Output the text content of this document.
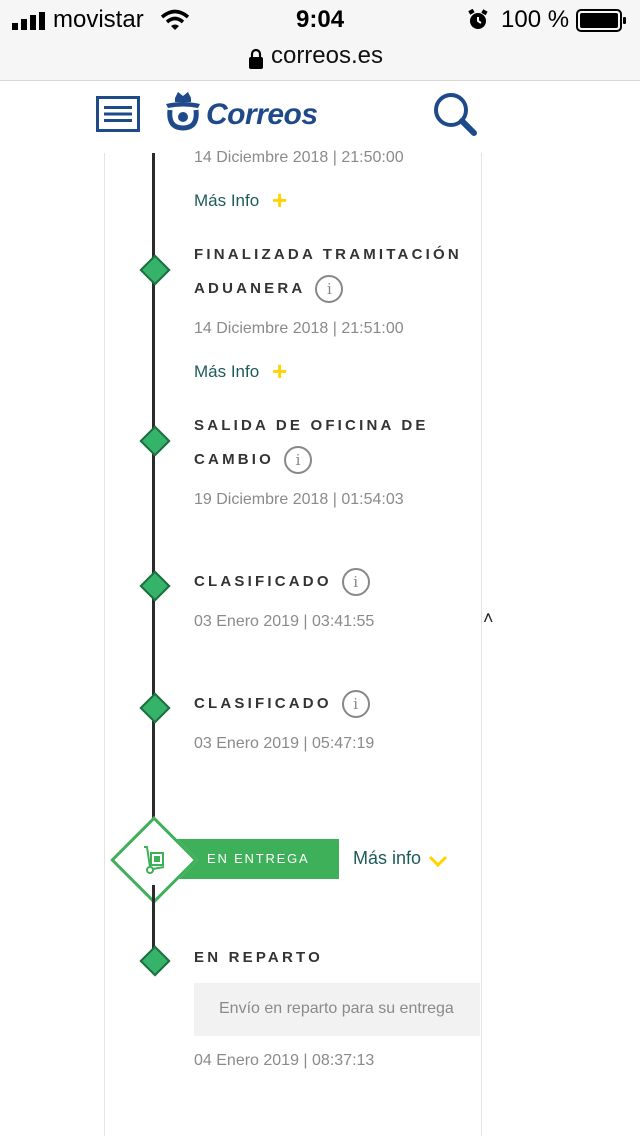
movistar	9:04	100 %
correos.es
Correos
14 Diciembre 2018 | 21:50:00
Más Info +
FINALIZADA TRAMITACIÓN
ADUANERA i
14 Diciembre 2018 | 21:51:00
Más Info +
SALIDA DE OFICINA DE
CAMBIO i
19 Diciembre 2018 | 01:54:03
CLASIFICADO i
03 Enero 2019 | 03:41:55
CLASIFICADO i
03 Enero 2019 | 05:47:19
˄
EN ENTREGA Más info
EN REPARTO
Envío en reparto para su entrega
04 Enero 2019 | 08:37:13
